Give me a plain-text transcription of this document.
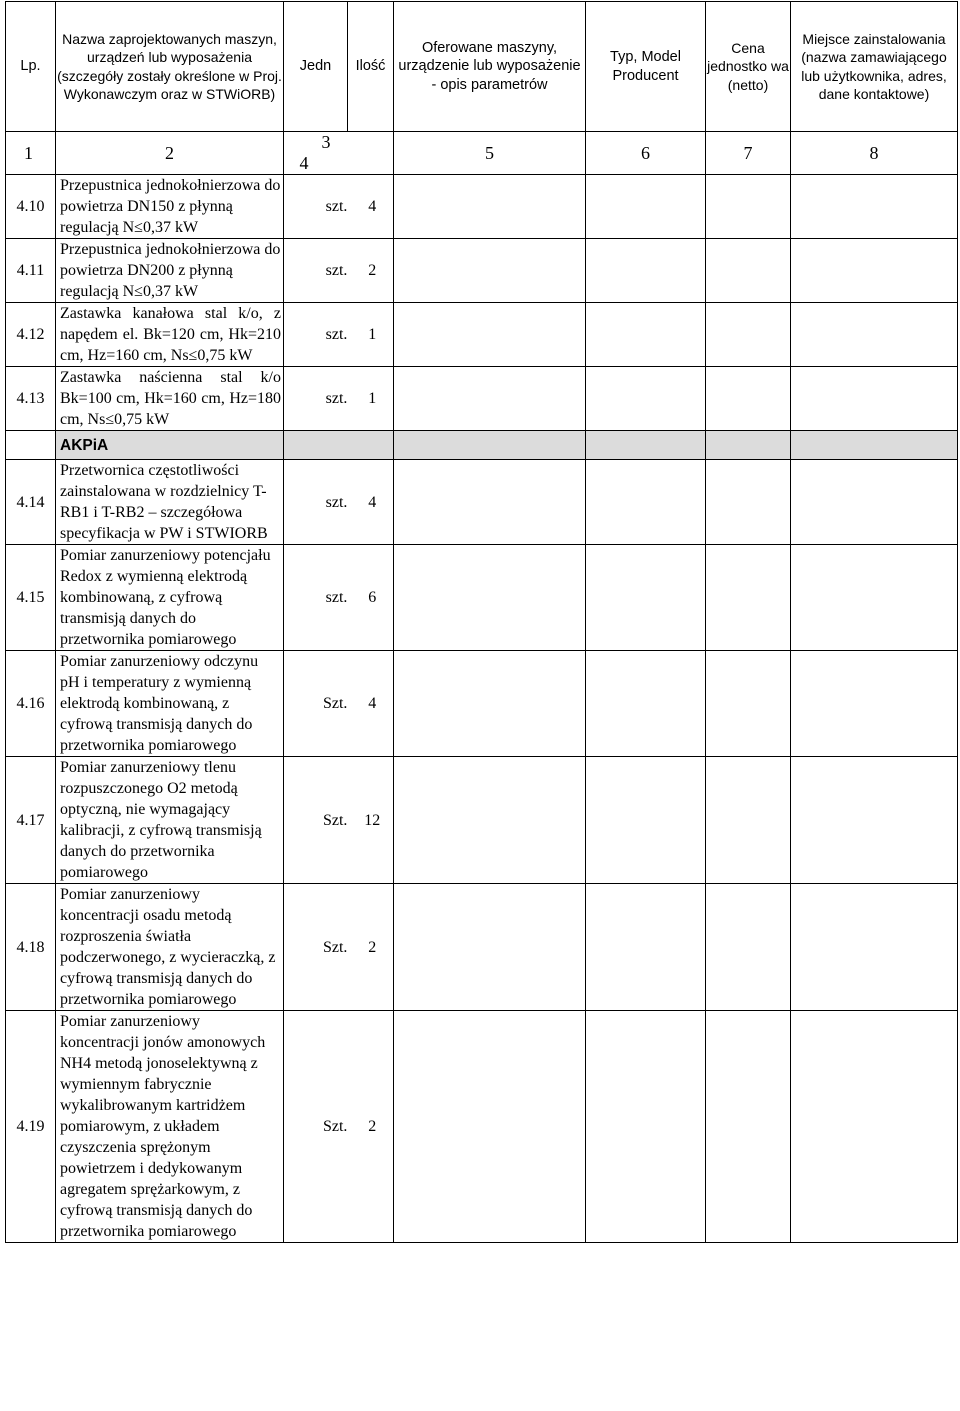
Lp.	Nazwa zaprojektowanych maszyn, urządzeń lub wyposażenia (szczegóły zostały określone w Proj. Wykonawczym oraz w STWiORB)	Jedn	Ilość	Oferowane maszyny, urządzenie lub wyposażenie - opis parametrów	Typ, Model Producent	Cena jednostko wa (netto)	Miejsce zainstalowania (nazwa zamawiającego lub użytkownika, adres, dane kontaktowe)
1	2	34		5	6	7	8
4.10	Przepustnica jednokołnierzowa do powietrza DN150 z płynną regulacją N≤0,37 kW	szt. 4					

4.11	Przepustnica jednokołnierzowa do powietrza DN200 z płynną regulacją N≤0,37 kW	szt. 2					

4.12	Zastawka kanałowa stal k/o, z napędem el. Bk=120 cm, Hk=210 cm, Hz=160 cm, Ns≤0,75 kW	szt. 1					

4.13	Zastawka naścienna stal k/o Bk=100 cm, Hk=160 cm, Hz=180 cm, Ns≤0,75 kW	szt. 1					

	AKPiA						
4.14	Przetwornica częstotliwości zainstalowana w rozdzielnicy T-RB1 i T-RB2 – szczegółowa specyfikacja w PW i STWIORB	szt. 4					

4.15	Pomiar zanurzeniowy potencjału Redox z wymienną elektrodą kombinowaną, z cyfrową transmisją danych do przetwornika pomiarowego	szt. 6					

4.16	Pomiar zanurzeniowy odczynu pH i temperatury z wymienną elektrodą kombinowaną, z cyfrową transmisją danych do przetwornika pomiarowego	Szt. 4					

4.17	Pomiar zanurzeniowy tlenu rozpuszczonego O2 metodą optyczną, nie wymagający kalibracji, z cyfrową transmisją danych do przetwornika pomiarowego	Szt. 12					

4.18	Pomiar zanurzeniowy koncentracji osadu metodą rozproszenia światła podczerwonego, z wycieraczką, z cyfrową transmisją danych do przetwornika pomiarowego	Szt. 2					

4.19	Pomiar zanurzeniowy koncentracji jonów amonowych NH4 metodą jonoselektywną z wymiennym fabrycznie wykalibrowanym kartridżem pomiarowym, z układem czyszczenia sprężonym powietrzem i dedykowanym agregatem sprężarkowym, z cyfrową transmisją danych do przetwornika pomiarowego	Szt. 2					
